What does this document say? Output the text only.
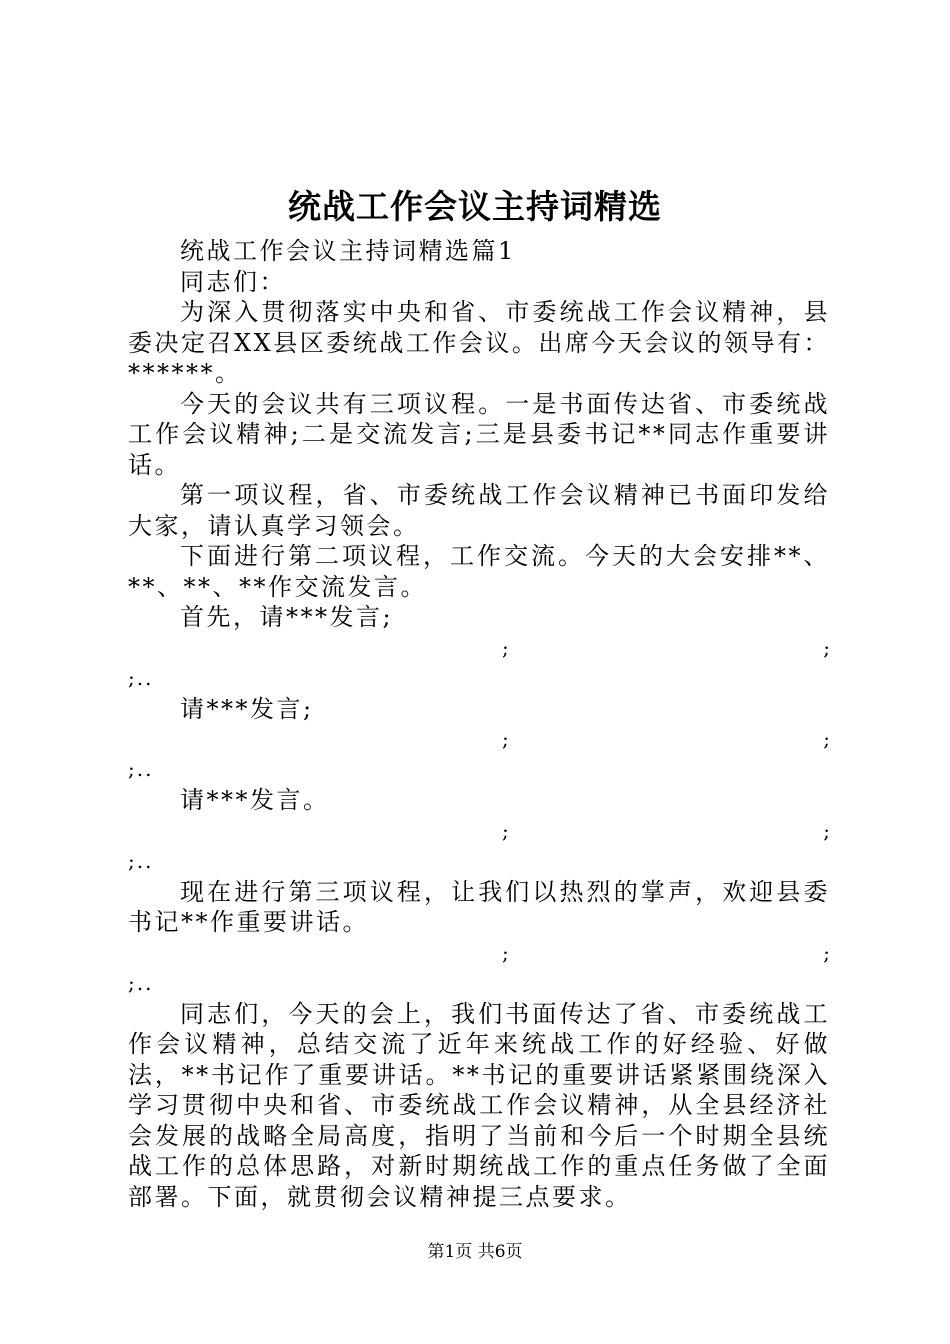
统战工作会议主持词精选

统战工作会议主持词精选篇1

同志们：

为深入贯彻落实中央和省、市委统战工作会议精神，县委决定召XX县区委统战工作会议。出席今天会议的领导有：******。

今天的会议共有三项议程。一是书面传达省、市委统战工作会议精神;二是交流发言;三是县委书记**同志作重要讲话。

第一项议程，省、市委统战工作会议精神已书面印发给大家，请认真学习领会。

下面进行第二项议程，工作交流。今天的大会安排**、**、**、**作交流发言。

首先，请***发言;

;	;
;..

请***发言;

;	;
;..

请***发言。

;	;
;..

现在进行第三项议程，让我们以热烈的掌声，欢迎县委书记**作重要讲话。

;	;
;..

同志们，今天的会上，我们书面传达了省、市委统战工作会议精神，总结交流了近年来统战工作的好经验、好做法，**书记作了重要讲话。**书记的重要讲话紧紧围绕深入学习贯彻中央和省、市委统战工作会议精神，从全县经济社会发展的战略全局高度，指明了当前和今后一个时期全县统战工作的总体思路，对新时期统战工作的重点任务做了全面部署。下面，就贯彻会议精神提三点要求。

第1页 共6页
